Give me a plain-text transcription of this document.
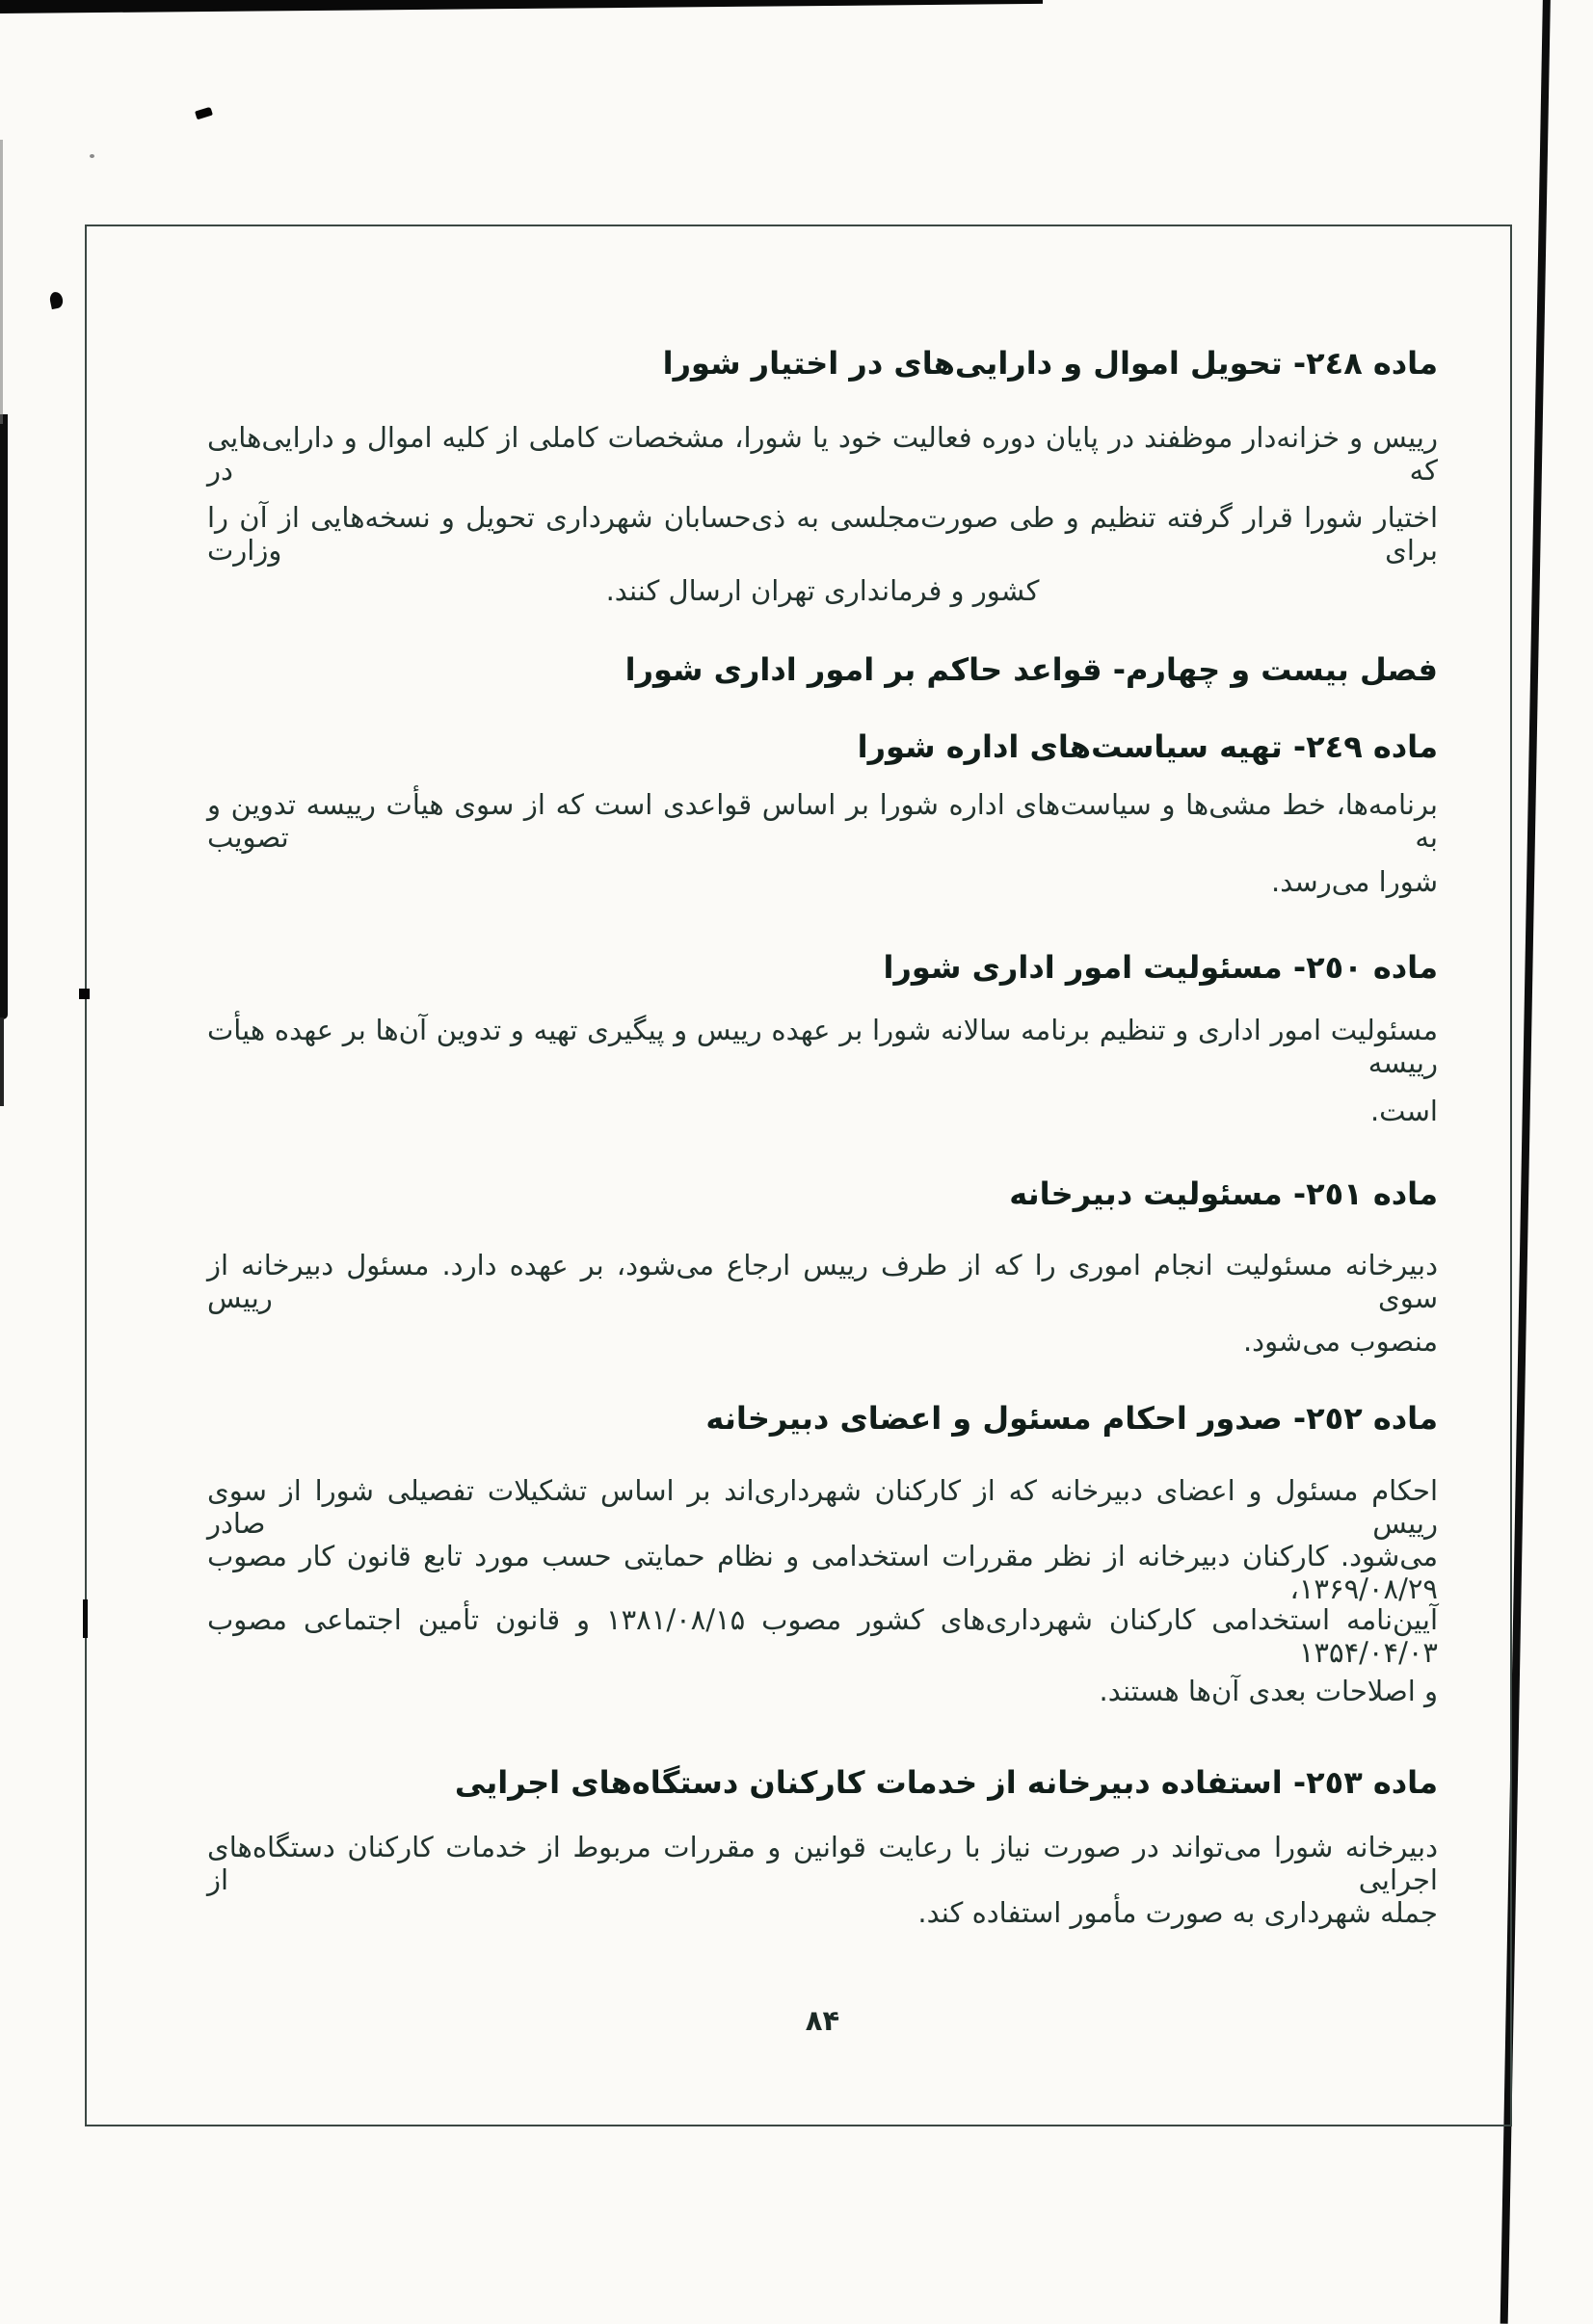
ماده ٢٤٨- تحویل اموال و دارایی‌های در اختیار شورا
رییس و خزانه‌دار موظفند در پایان دوره فعالیت خود یا شورا، مشخصات کاملی از کلیه اموال و دارایی‌هایی که در
اختیار شورا قرار گرفته تنظیم و طی صورت‌مجلسی به ذی‌حسابان شهرداری تحویل و نسخه‌هایی از آن را برای وزارت
کشور و فرمانداری تهران ارسال کنند.
فصل بیست و چهارم- قواعد حاکم بر امور اداری شورا
ماده ٢٤٩- تهیه سیاست‌های اداره شورا
برنامه‌ها، خط مشی‌ها و سیاست‌های اداره شورا بر اساس قواعدی است که از سوی هیأت رییسه تدوین و به تصویب
شورا می‌رسد.
ماده ٢٥٠- مسئولیت امور اداری شورا
مسئولیت امور اداری و تنظیم برنامه سالانه شورا بر عهده رییس و پیگیری تهیه و تدوین آن‌ها بر عهده هیأت رییسه
است.
ماده ٢٥١- مسئولیت دبیرخانه
دبیرخانه مسئولیت انجام اموری را که از طرف رییس ارجاع می‌شود، بر عهده دارد. مسئول دبیرخانه از سوی رییس
منصوب می‌شود.
ماده ٢٥٢- صدور احکام مسئول و اعضای دبیرخانه
احکام مسئول و اعضای دبیرخانه که از کارکنان شهرداری‌اند بر اساس تشکیلات تفصیلی شورا از سوی رییس صادر
می‌شود. کارکنان دبیرخانه از نظر مقررات استخدامی و نظام حمایتی حسب مورد تابع قانون کار مصوب ۱۳۶۹/۰۸/۲۹،
آیین‌نامه استخدامی کارکنان شهرداری‌های کشور مصوب ۱۳۸۱/۰۸/۱۵ و قانون تأمین اجتماعی مصوب ۱۳۵۴/۰۴/۰۳
و اصلاحات بعدی آن‌ها هستند.
ماده ٢٥٣- استفاده دبیرخانه از خدمات کارکنان دستگاه‌های اجرایی
دبیرخانه شورا می‌تواند در صورت نیاز با رعایت قوانین و مقررات مربوط از خدمات کارکنان دستگاه‌های اجرایی از
جمله شهرداری به صورت مأمور استفاده کند.
۸۴
